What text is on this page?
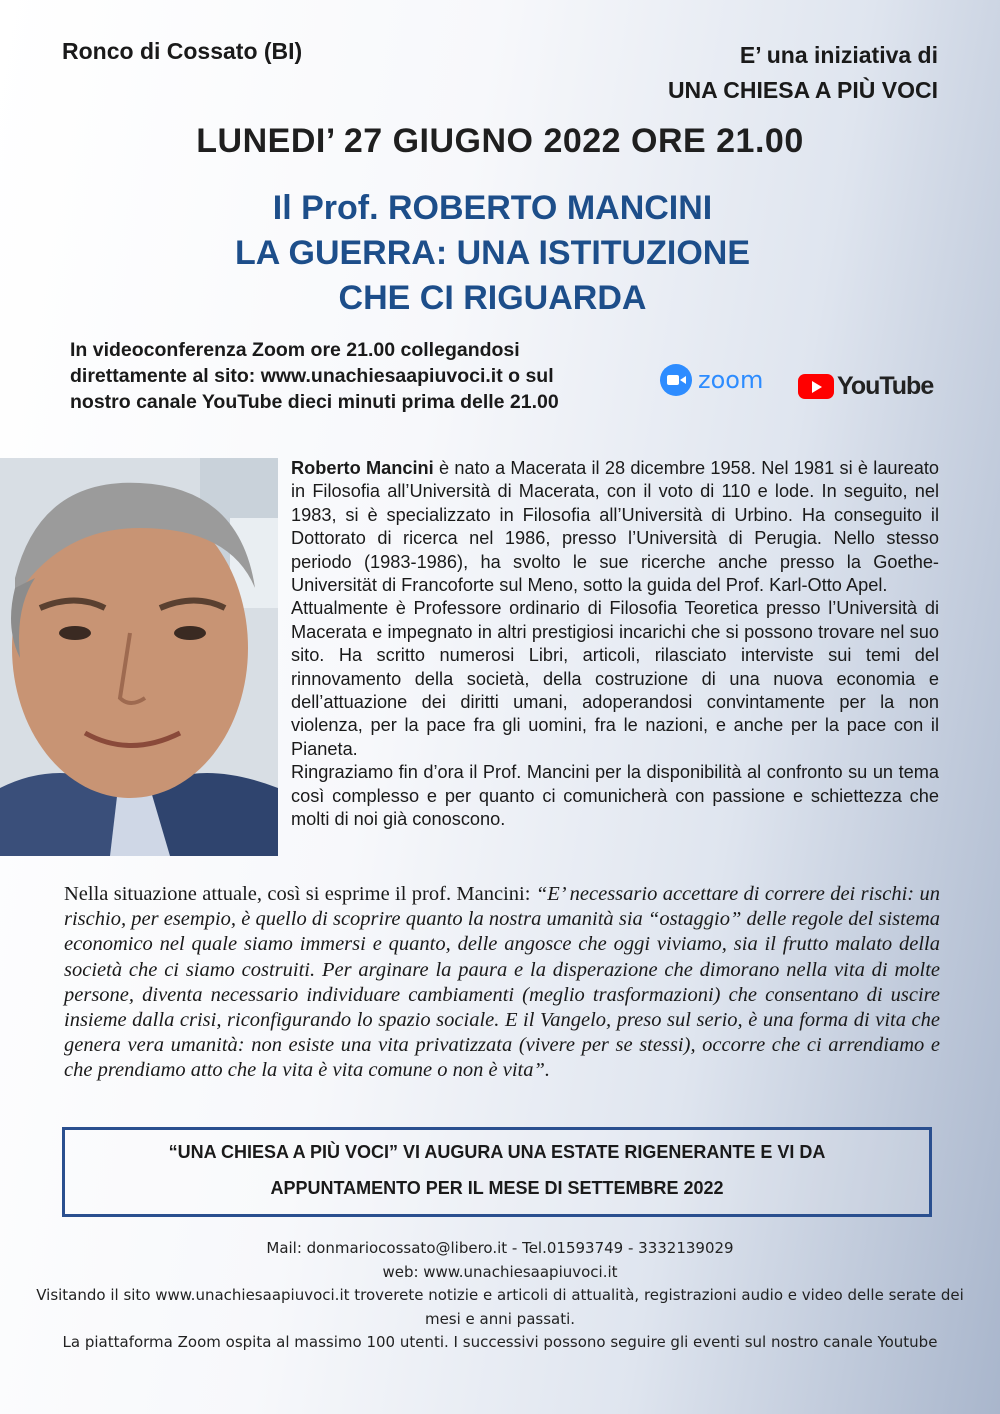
Ronco di Cossato (BI)	E’ una iniziativa di
UNA CHIESA A PIÙ VOCI
LUNEDI’ 27 GIUGNO 2022 ORE 21.00
Il Prof. ROBERTO MANCINI
LA GUERRA: UNA ISTITUZIONE
CHE CI RIGUARDA
In videoconferenza Zoom ore 21.00 collegandosi
direttamente al sito: www.unachiesaapiuvoci.it o sul
nostro canale YouTube dieci minuti prima delle 21.00
zoom	YouTube

Roberto Mancini è nato a Macerata il 28 dicembre 1958. Nel 1981 si è laureato in Filosofia all’Università di Macerata, con il voto di 110 e lode. In seguito, nel 1983, si è specializzato in Filosofia all’Università di Urbino. Ha conseguito il Dottorato di ricerca nel 1986, presso l’Università di Perugia. Nello stesso periodo (1983-1986), ha svolto le sue ricerche anche presso la Goethe-Universität di Francoforte sul Meno, sotto la guida del Prof. Karl-Otto Apel.

Attualmente è Professore ordinario di Filosofia Teoretica presso l’Università di Macerata e impegnato in altri prestigiosi incarichi che si possono trovare nel suo sito. Ha scritto numerosi Libri, articoli, rilasciato interviste sui temi del rinnovamento della società, della costruzione di una nuova economia e dell’attuazione dei diritti umani, adoperandosi convintamente per la non violenza, per la pace fra gli uomini, fra le nazioni, e anche per la pace con il Pianeta.

Ringraziamo fin d’ora il Prof. Mancini per la disponibilità al confronto su un tema così complesso e per quanto ci comunicherà con passione e schiettezza che molti di noi già conoscono.

Nella situazione attuale, così si esprime il prof. Mancini: “E’ necessario accettare di correre dei rischi: un rischio, per esempio, è quello di scoprire quanto la nostra umanità sia “ostaggio” delle regole del sistema economico nel quale siamo immersi e quanto, delle angosce che oggi viviamo, sia il frutto malato della società che ci siamo costruiti. Per arginare la paura e la disperazione che dimorano nella vita di molte persone, diventa necessario individuare cambiamenti (meglio trasformazioni) che consentano di uscire insieme dalla crisi, riconfigurando lo spazio sociale. E il Vangelo, preso sul serio, è una forma di vita che genera vera umanità: non esiste una vita privatizzata (vivere per se stessi), occorre che ci arrendiamo e che prendiamo atto che la vita è vita comune o non è vita”.
“UNA CHIESA A PIÙ VOCI” VI AUGURA UNA ESTATE RIGENERANTE E VI DA
APPUNTAMENTO PER IL MESE DI SETTEMBRE 2022
Mail: donmariocossato@libero.it - Tel.01593749 - 3332139029
web: www.unachiesaapiuvoci.it
Visitando il sito www.unachiesaapiuvoci.it troverete notizie e articoli di attualità, registrazioni audio e video delle serate dei mesi e anni passati.
La piattaforma Zoom ospita al massimo 100 utenti. I successivi possono seguire gli eventi sul nostro canale Youtube
